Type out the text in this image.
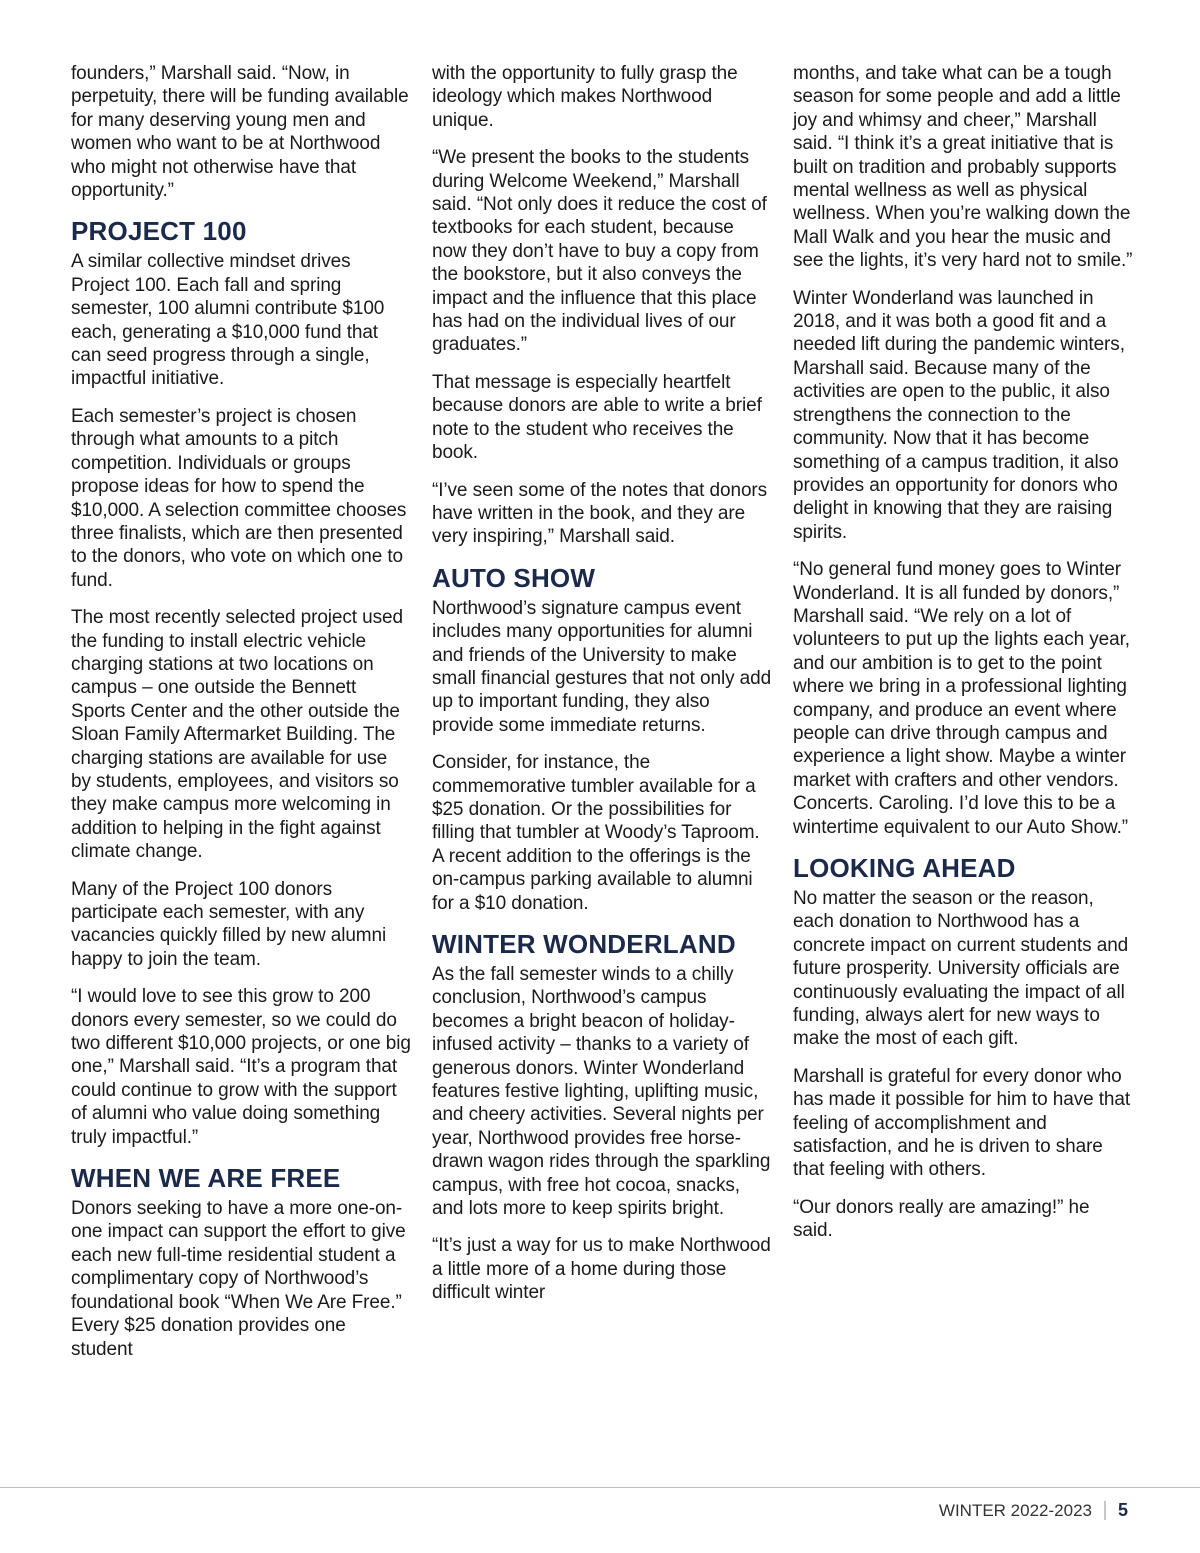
founders,” Marshall said. “Now, in perpetuity, there will be funding available for many deserving young men and women who want to be at Northwood who might not otherwise have that opportunity.”

PROJECT 100

A similar collective mindset drives Project 100. Each fall and spring semester, 100 alumni contribute $100 each, generating a $10,000 fund that can seed progress through a single, impactful initiative.

Each semester’s project is chosen through what amounts to a pitch competition. Individuals or groups propose ideas for how to spend the $10,000. A selection committee chooses three finalists, which are then presented to the donors, who vote on which one to fund.

The most recently selected project used the funding to install electric vehicle charging stations at two locations on campus – one outside the Bennett Sports Center and the other outside the Sloan Family Aftermarket Building. The charging stations are available for use by students, employees, and visitors so they make campus more welcoming in addition to helping in the fight against climate change.

Many of the Project 100 donors participate each semester, with any vacancies quickly filled by new alumni happy to join the team.

“I would love to see this grow to 200 donors every semester, so we could do two different $10,000 projects, or one big one,” Marshall said. “It’s a program that could continue to grow with the support of alumni who value doing something truly impactful.”

WHEN WE ARE FREE

Donors seeking to have a more one-on-one impact can support the effort to give each new full-time residential student a complimentary copy of Northwood’s foundational book “When We Are Free.” Every $25 donation provides one student

with the opportunity to fully grasp the ideology which makes Northwood unique.

“We present the books to the students during Welcome Weekend,” Marshall said. “Not only does it reduce the cost of textbooks for each student, because now they don’t have to buy a copy from the bookstore, but it also conveys the impact and the influence that this place has had on the individual lives of our graduates.”

That message is especially heartfelt because donors are able to write a brief note to the student who receives the book.

“I’ve seen some of the notes that donors have written in the book, and they are very inspiring,” Marshall said.

AUTO SHOW

Northwood’s signature campus event includes many opportunities for alumni and friends of the University to make small financial gestures that not only add up to important funding, they also provide some immediate returns.

Consider, for instance, the commemorative tumbler available for a $25 donation. Or the possibilities for filling that tumbler at Woody’s Taproom. A recent addition to the offerings is the on-campus parking available to alumni for a $10 donation.

WINTER WONDERLAND

As the fall semester winds to a chilly conclusion, Northwood’s campus becomes a bright beacon of holiday-infused activity – thanks to a variety of generous donors. Winter Wonderland features festive lighting, uplifting music, and cheery activities. Several nights per year, Northwood provides free horse-drawn wagon rides through the sparkling campus, with free hot cocoa, snacks, and lots more to keep spirits bright.

“It’s just a way for us to make Northwood a little more of a home during those difficult winter

months, and take what can be a tough season for some people and add a little joy and whimsy and cheer,” Marshall said. “I think it’s a great initiative that is built on tradition and probably supports mental wellness as well as physical wellness. When you’re walking down the Mall Walk and you hear the music and see the lights, it’s very hard not to smile.”

Winter Wonderland was launched in 2018, and it was both a good fit and a needed lift during the pandemic winters, Marshall said. Because many of the activities are open to the public, it also strengthens the connection to the community. Now that it has become something of a campus tradition, it also provides an opportunity for donors who delight in knowing that they are raising spirits.

“No general fund money goes to Winter Wonderland. It is all funded by donors,” Marshall said. “We rely on a lot of volunteers to put up the lights each year, and our ambition is to get to the point where we bring in a professional lighting company, and produce an event where people can drive through campus and experience a light show. Maybe a winter market with crafters and other vendors. Concerts. Caroling. I’d love this to be a wintertime equivalent to our Auto Show.”

LOOKING AHEAD

No matter the season or the reason, each donation to Northwood has a concrete impact on current students and future prosperity. University officials are continuously evaluating the impact of all funding, always alert for new ways to make the most of each gift.

Marshall is grateful for every donor who has made it possible for him to have that feeling of accomplishment and satisfaction, and he is driven to share that feeling with others.

“Our donors really are amazing!” he said.

WINTER 2022-2023 5
